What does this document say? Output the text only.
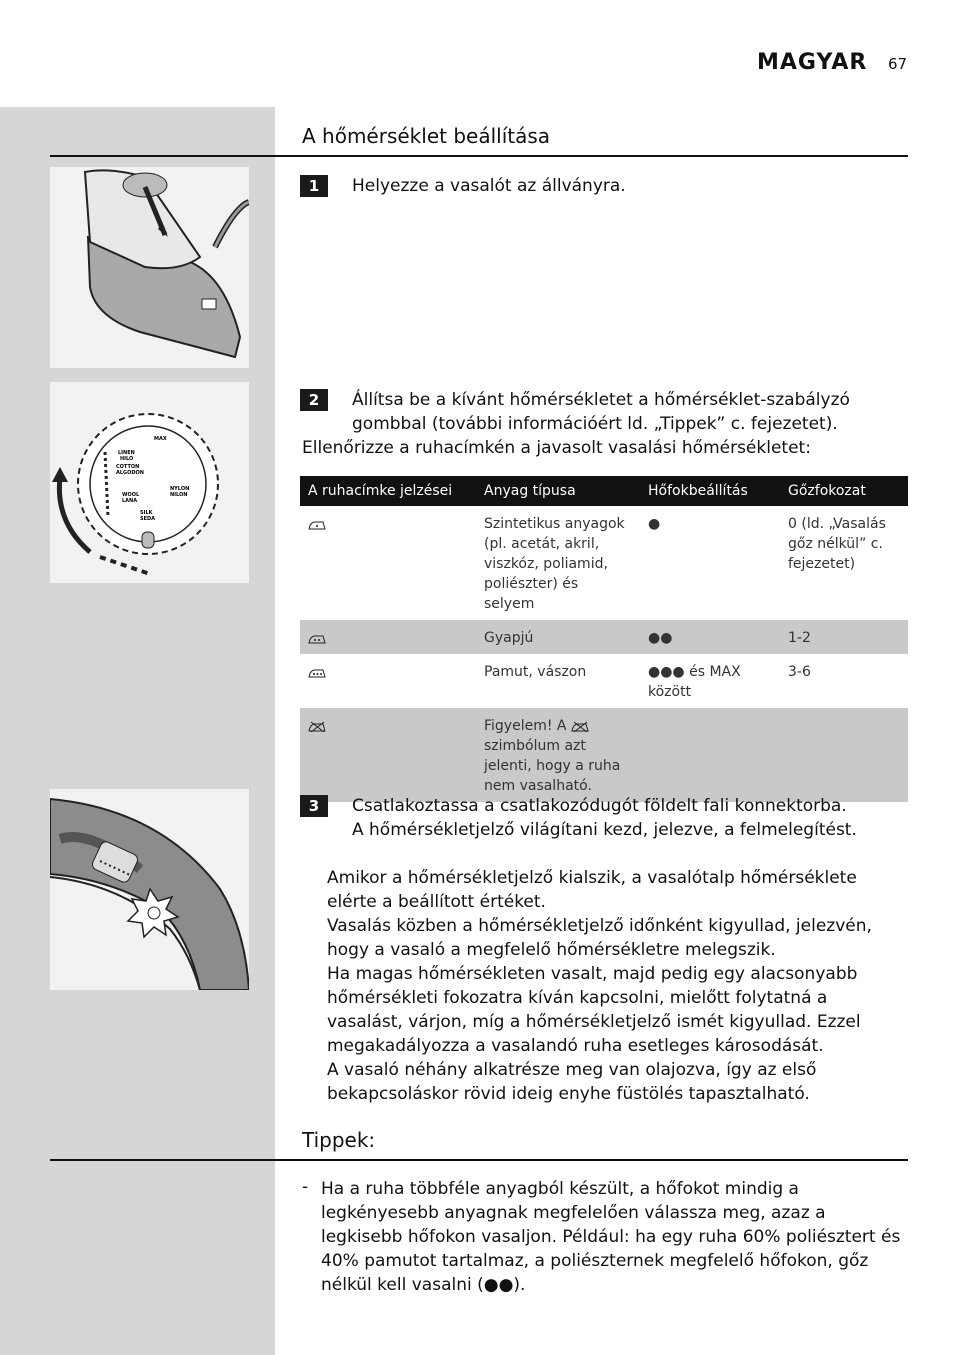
MAGYAR 67
A hőmérséklet beállítása
1	Helyezze a vasalót az állványra.
LINEN
HILO
COTTON
ALGODON
WOOL
LANA
SILK
SEDA
NYLON
NILON
MAX
2	Állítsa be a kívánt hőmérsékletet a hőmérséklet-szabályzó
gombbal (további információért ld. „Tippek” c. fejezetet).
Ellenőrizze a ruhacímkén a javasolt vasalási hőmérsékletet:
A ruhacímke jelzései	Anyag típusa	Hőfokbeállítás	Gőzfokozat
	Szintetikus anyagok (pl. acetát, akril, viszkóz, poliamid, poliészter) és selyem	●	0 (ld. „Vasalás gőz nélkül” c. fejezetet)
	Gyapjú	●●	1-2
	Pamut, vászon	●●● és MAX között	3-6
	Figyelem! A  szimbólum azt jelenti, hogy a ruha nem vasalható.		
3	Csatlakoztassa a csatlakozódugót földelt fali konnektorba.
A hőmérsékletjelző világítani kezd, jelezve, a felmelegítést.
Amikor a hőmérsékletjelző kialszik, a vasalótalp hőmérséklete
elérte a beállított értéket.
Vasalás közben a hőmérsékletjelző időnként kigyullad, jelezvén,
hogy a vasaló a megfelelő hőmérsékletre melegszik.
Ha magas hőmérsékleten vasalt, majd pedig egy alacsonyabb
hőmérsékleti fokozatra kíván kapcsolni, mielőtt folytatná a
vasalást, várjon, míg a hőmérsékletjelző ismét kigyullad. Ezzel
megakadályozza a vasalandó ruha esetleges károsodását.
A vasaló néhány alkatrésze meg van olajozva, így az első
bekapcsoláskor rövid ideig enyhe füstölés tapasztalható.
Tippek:
- Ha a ruha többféle anyagból készült, a hőfokot mindig a legkényesebb anyagnak megfelelően válassza meg, azaz a legkisebb hőfokon vasaljon. Például: ha egy ruha 60% poliésztert és 40% pamutot tartalmaz, a poliészternek megfelelő hőfokon, gőz nélkül kell vasalni (●●).
